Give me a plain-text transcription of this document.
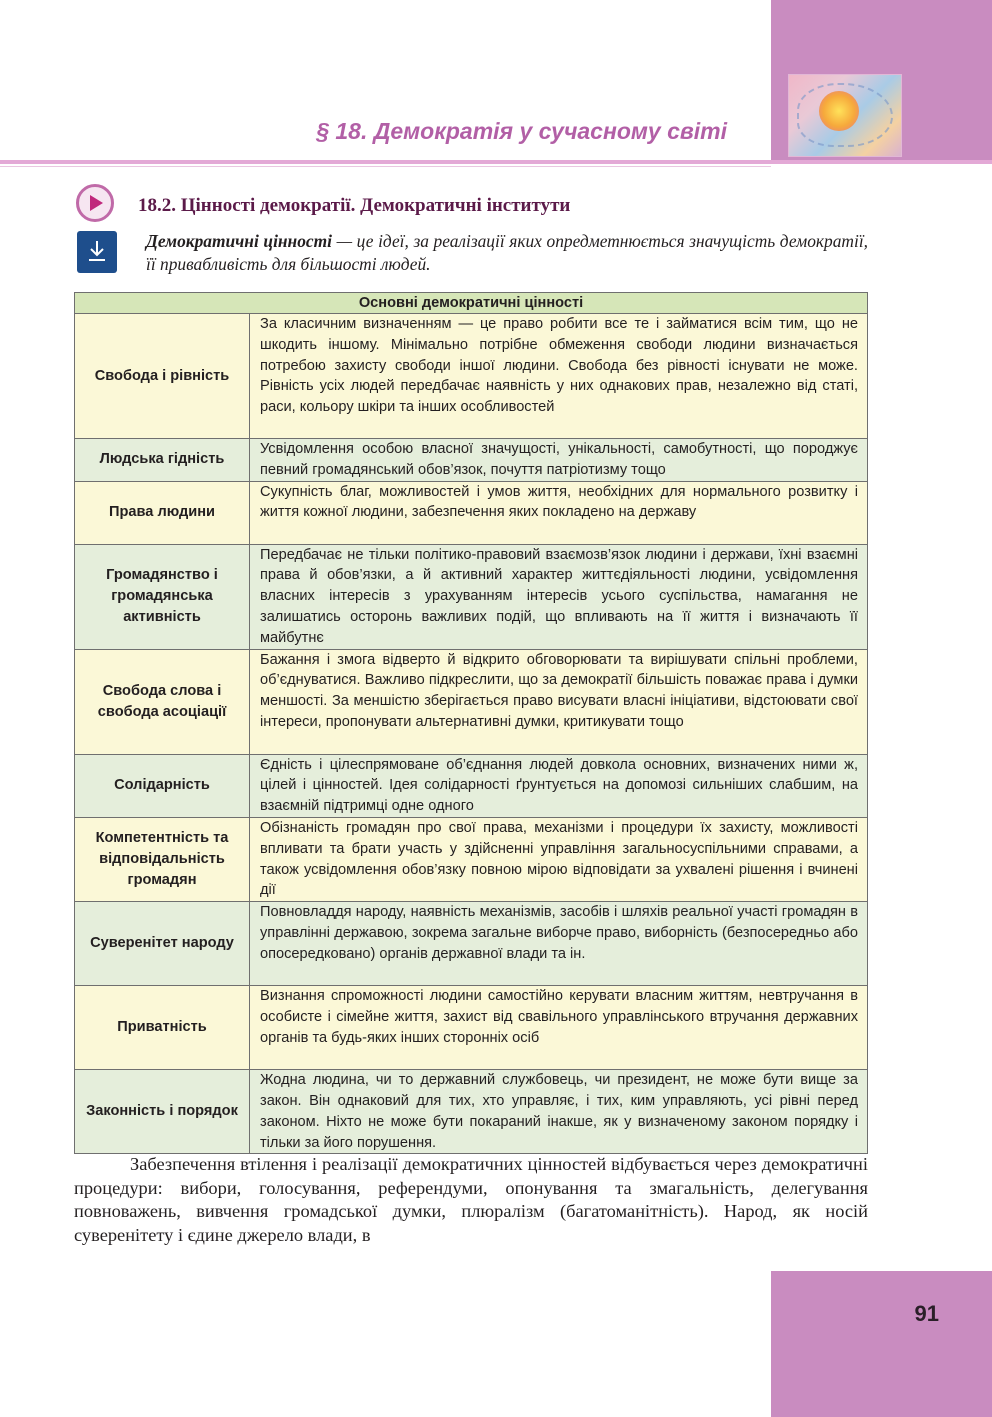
§ 18. Демократія у сучасному світі
18.2. Цінності демократії. Демократичні інститути
Демократичні цінності — це ідеї, за реалізації яких опредметнюється значущість демократії, її привабливість для більшості людей.
Основні демократичні цінності	
Свобода і рівність	За класичним визначенням — це право робити все те і займатися всім тим, що не шкодить іншому. Мінімально потрібне обмеження свободи людини визначається потребою захисту свободи іншої людини. Свобода без рівності існувати не може. Рівність усіх людей передбачає наявність у них однакових прав, незалежно від статі, раси, кольору шкіри та інших особливостей
Людська гідність	Усвідомлення особою власної значущості, унікальності, самобутності, що породжує певний громадянський обов’язок, почуття патріотизму тощо
Права людини	Сукупність благ, можливостей і умов життя, необхідних для нормального розвитку і життя кожної людини, забезпечення яких покладено на державу
Громадянство і громадянська активність	Передбачає не тільки політико-правовий взаємозв’язок людини і держави, їхні взаємні права й обов’язки, а й активний характер життєдіяльності людини, усвідомлення власних інтересів з урахуванням інтересів усього суспільства, намагання не залишатись осторонь важливих подій, що впливають на її життя і визначають її майбутнє
Свобода слова і свобода асоціації	Бажання і змога відверто й відкрито обговорювати та вирішувати спільні проблеми, об’єднуватися. Важливо підкреслити, що за демократії більшість поважає права і думки меншості. За меншістю зберігається право висувати власні ініціативи, відстоювати свої інтереси, пропонувати альтернативні думки, критикувати тощо
Солідарність	Єдність і цілеспрямоване об’єднання людей довкола основних, визначених ними ж, цілей і цінностей. Ідея солідарності ґрунтується на допомозі сильніших слабшим, на взаємній підтримці одне одного
Компетентність та відповідальність громадян	Обізнаність громадян про свої права, механізми і процедури їх захисту, можливості впливати та брати участь у здійсненні управління загальносуспільними справами, а також усвідомлення обов’язку повною мірою відповідати за ухвалені рішення і вчинені дії
Суверенітет народу	Повновладдя народу, наявність механізмів, засобів і шляхів реальної участі громадян в управлінні державою, зокрема загальне виборче право, виборність (безпосередньо або опосередковано) органів державної влади та ін.
Приватність	Визнання спроможності людини самостійно керувати власним життям, невтручання в особисте і сімейне життя, захист від свавільного управлінського втручання державних органів та будь-яких інших сторонніх осіб
Законність і порядок	Жодна людина, чи то державний службовець, чи президент, не може бути вище за закон. Він однаковий для тих, хто управляє, і тих, ким управляють, усі рівні перед законом. Ніхто не може бути покараний інакше, як у визначеному законом порядку і тільки за його порушення.
Забезпечення втілення і реалізації демократичних цінностей відбувається через демократичні процедури: вибори, голосування, референдуми, опонування та змагальність, делегування повноважень, вивчення громадської думки, плюралізм (багатоманітність). Народ, як носій суверенітету і єдине джерело влади, в
91
